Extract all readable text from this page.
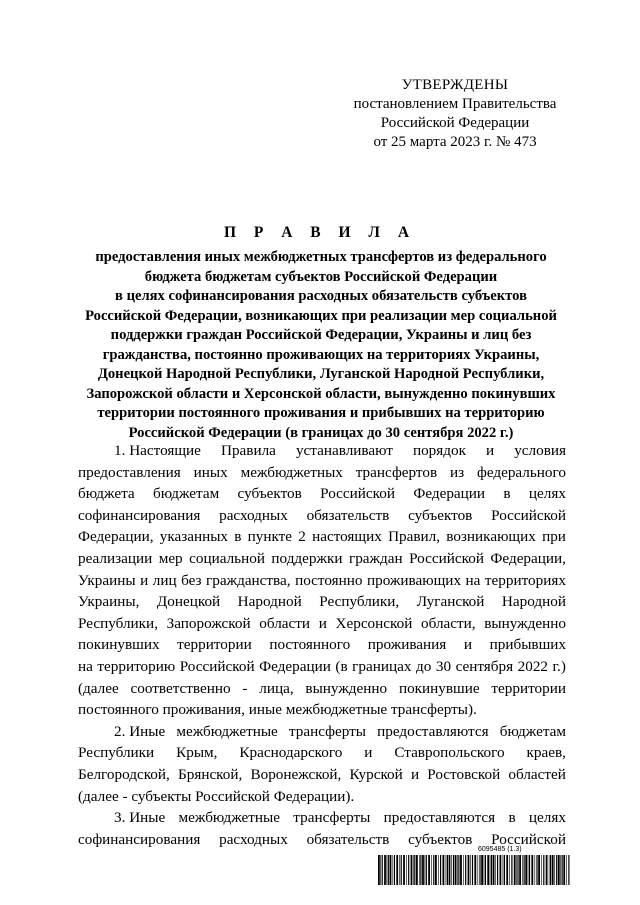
УТВЕРЖДЕНЫ
постановлением Правительства
Российской Федерации
от 25 марта 2023 г. № 473
П Р А В И Л А
предоставления иных межбюджетных трансфертов из федерального
бюджета бюджетам субъектов Российской Федерации
в целях софинансирования расходных обязательств субъектов
Российской Федерации, возникающих при реализации мер социальной
поддержки граждан Российской Федерации, Украины и лиц без
гражданства, постоянно проживающих на территориях Украины,
Донецкой Народной Республики, Луганской Народной Республики,
Запорожской области и Херсонской области, вынужденно покинувших
территории постоянного проживания и прибывших на территорию
Российской Федерации (в границах до 30 сентября 2022 г.)
1. Настоящие Правила устанавливают порядок и условия
предоставления иных межбюджетных трансфертов из федерального
бюджета бюджетам субъектов Российской Федерации в целях
софинансирования расходных обязательств субъектов Российской
Федерации, указанных в пункте 2 настоящих Правил, возникающих при
реализации мер социальной поддержки граждан Российской Федерации,
Украины и лиц без гражданства, постоянно проживающих на территориях
Украины, Донецкой Народной Республики, Луганской Народной
Республики, Запорожской области и Херсонской области, вынужденно
покинувших территории постоянного проживания и прибывших
на территорию Российской Федерации (в границах до 30 сентября 2022 г.)
(далее соответственно - лица, вынужденно покинувшие территории
постоянного проживания, иные межбюджетные трансферты).
2. Иные межбюджетные трансферты предоставляются бюджетам
Республики Крым, Краснодарского и Ставропольского краев,
Белгородской, Брянской, Воронежской, Курской и Ростовской областей
(далее - субъекты Российской Федерации).
3. Иные межбюджетные трансферты предоставляются в целях
софинансирования расходных обязательств субъектов Российской
6095485 (1.3)
